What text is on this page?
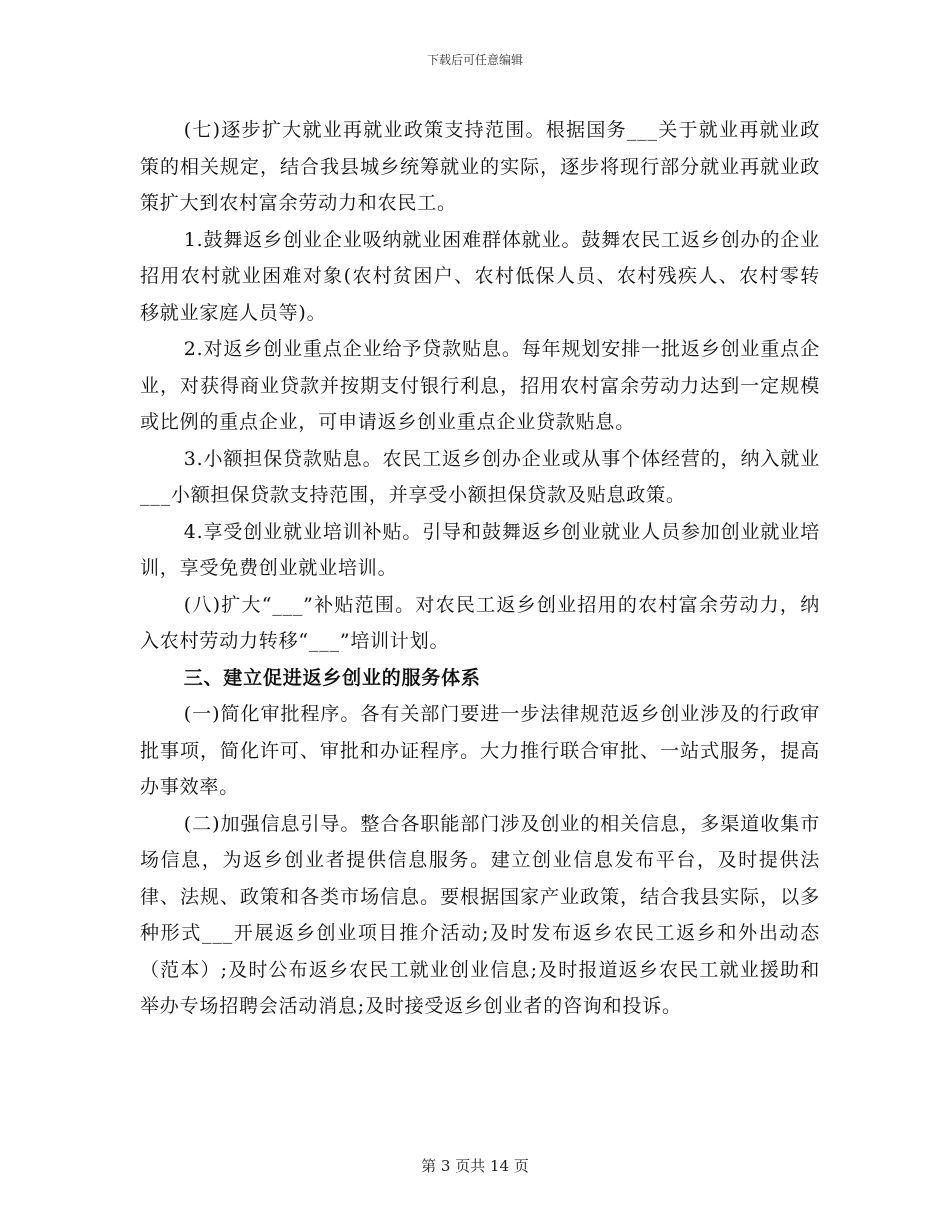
下载后可任意编辑

(七)逐步扩大就业再就业政策支持范围。根据国务___关于就业再就业政策的相关规定，结合我县城乡统筹就业的实际，逐步将现行部分就业再就业政策扩大到农村富余劳动力和农民工。

1.鼓舞返乡创业企业吸纳就业困难群体就业。鼓舞农民工返乡创办的企业招用农村就业困难对象(农村贫困户、农村低保人员、农村残疾人、农村零转移就业家庭人员等)。

2.对返乡创业重点企业给予贷款贴息。每年规划安排一批返乡创业重点企业，对获得商业贷款并按期支付银行利息，招用农村富余劳动力达到一定规模或比例的重点企业，可申请返乡创业重点企业贷款贴息。

3.小额担保贷款贴息。农民工返乡创办企业或从事个体经营的，纳入就业___小额担保贷款支持范围，并享受小额担保贷款及贴息政策。

4.享受创业就业培训补贴。引导和鼓舞返乡创业就业人员参加创业就业培训，享受免费创业就业培训。

(八)扩大“___”补贴范围。对农民工返乡创业招用的农村富余劳动力，纳入农村劳动力转移“___”培训计划。

三、建立促进返乡创业的服务体系

(一)简化审批程序。各有关部门要进一步法律规范返乡创业涉及的行政审批事项，简化许可、审批和办证程序。大力推行联合审批、一站式服务，提高办事效率。

(二)加强信息引导。整合各职能部门涉及创业的相关信息，多渠道收集市场信息，为返乡创业者提供信息服务。建立创业信息发布平台，及时提供法律、法规、政策和各类市场信息。要根据国家产业政策，结合我县实际，以多种形式___开展返乡创业项目推介活动;及时发布返乡农民工返乡和外出动态（范本）;及时公布返乡农民工就业创业信息;及时报道返乡农民工就业援助和举办专场招聘会活动消息;及时接受返乡创业者的咨询和投诉。

第 3 页共 14 页
